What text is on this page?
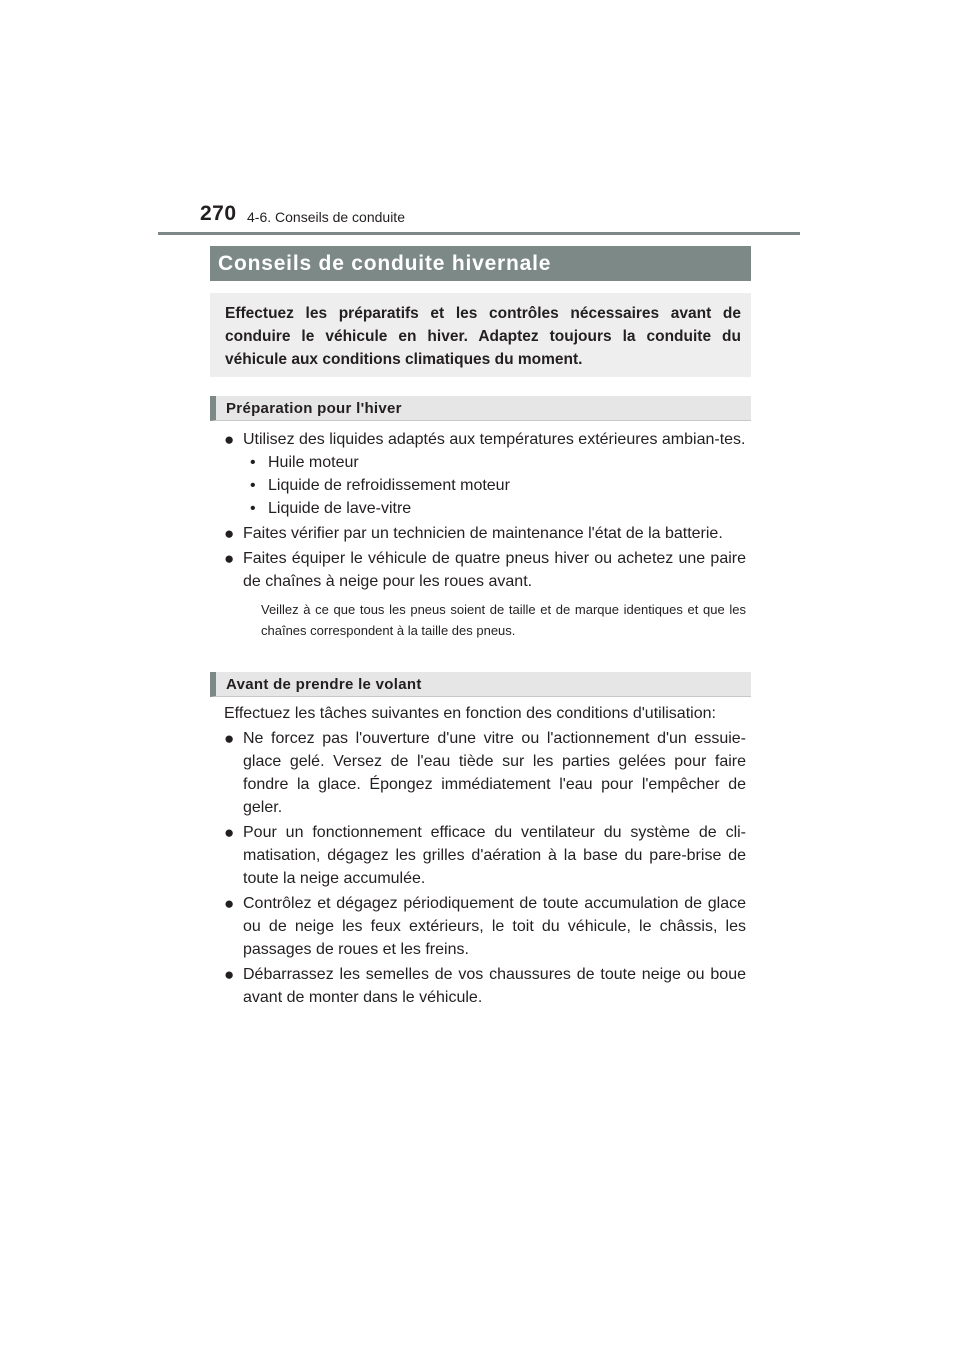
270 4-6. Conseils de conduite
Conseils de conduite hivernale
Effectuez les préparatifs et les contrôles nécessaires avant de conduire le véhicule en hiver. Adaptez toujours la conduite du véhicule aux conditions climatiques du moment.
Préparation pour l'hiver
● Utilisez des liquides adaptés aux températures extérieures ambian-tes.
• Huile moteur
• Liquide de refroidissement moteur
• Liquide de lave-vitre
● Faites vérifier par un technicien de maintenance l'état de la batterie.
● Faites équiper le véhicule de quatre pneus hiver ou achetez une paire de chaînes à neige pour les roues avant.
Veillez à ce que tous les pneus soient de taille et de marque identiques et que les chaînes correspondent à la taille des pneus.
Avant de prendre le volant
Effectuez les tâches suivantes en fonction des conditions d'utilisation:
● Ne forcez pas l'ouverture d'une vitre ou l'actionnement d'un essuie-glace gelé. Versez de l'eau tiède sur les parties gelées pour faire fondre la glace. Épongez immédiatement l'eau pour l'empêcher de geler.
● Pour un fonctionnement efficace du ventilateur du système de cli-matisation, dégagez les grilles d'aération à la base du pare-brise de toute la neige accumulée.
● Contrôlez et dégagez périodiquement de toute accumulation de glace ou de neige les feux extérieurs, le toit du véhicule, le châssis, les passages de roues et les freins.
● Débarrassez les semelles de vos chaussures de toute neige ou boue avant de monter dans le véhicule.
